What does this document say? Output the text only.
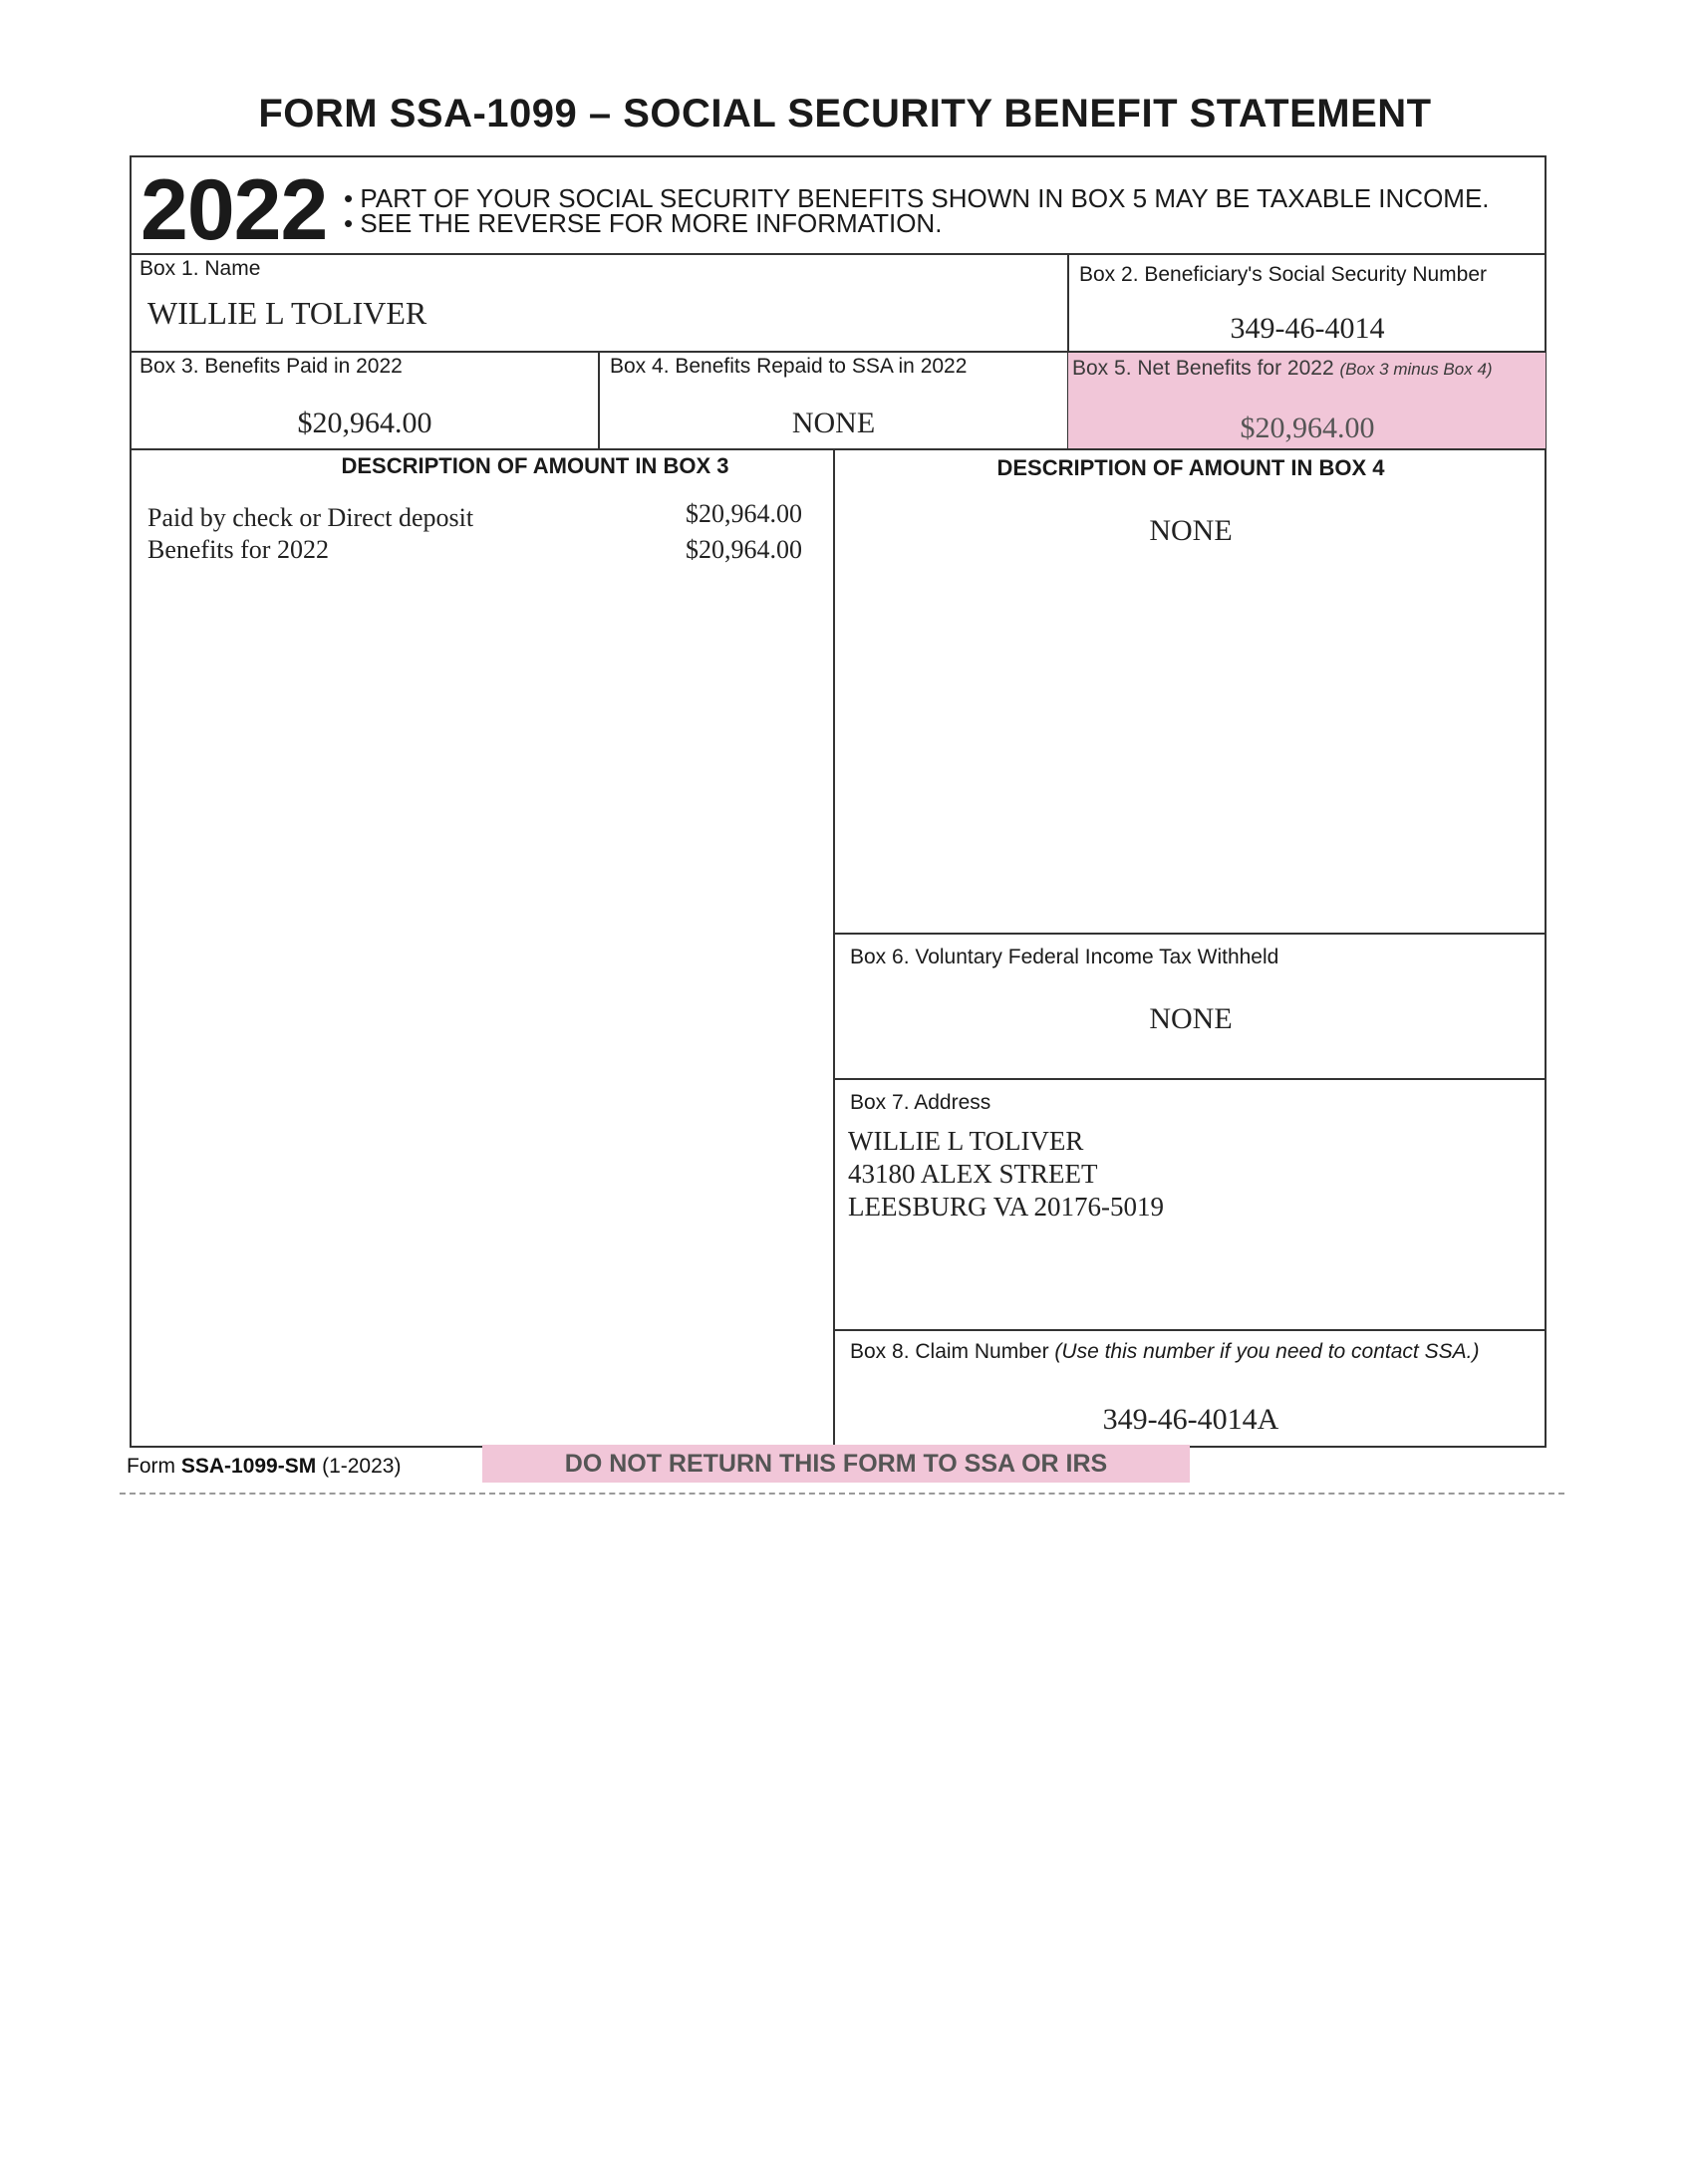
FORM SSA-1099 – SOCIAL SECURITY BENEFIT STATEMENT
2022 • PART OF YOUR SOCIAL SECURITY BENEFITS SHOWN IN BOX 5 MAY BE TAXABLE INCOME.
• SEE THE REVERSE FOR MORE INFORMATION.
Box 1. Name
WILLIE L TOLIVER
Box 2. Beneficiary's Social Security Number
349-46-4014
Box 3. Benefits Paid in 2022
$20,964.00
Box 4. Benefits Repaid to SSA in 2022
NONE
Box 5. Net Benefits for 2022 (Box 3 minus Box 4)
$20,964.00
DESCRIPTION OF AMOUNT IN BOX 3	DESCRIPTION OF AMOUNT IN BOX 4
Paid by check or Direct deposit	$20,964.00
Benefits for 2022	$20,964.00
NONE
Box 6. Voluntary Federal Income Tax Withheld
NONE
Box 7. Address
WILLIE L TOLIVER
43180 ALEX STREET
LEESBURG VA 20176-5019
Box 8. Claim Number (Use this number if you need to contact SSA.)
349-46-4014A
Form SSA-1099-SM (1-2023)	DO NOT RETURN THIS FORM TO SSA OR IRS
